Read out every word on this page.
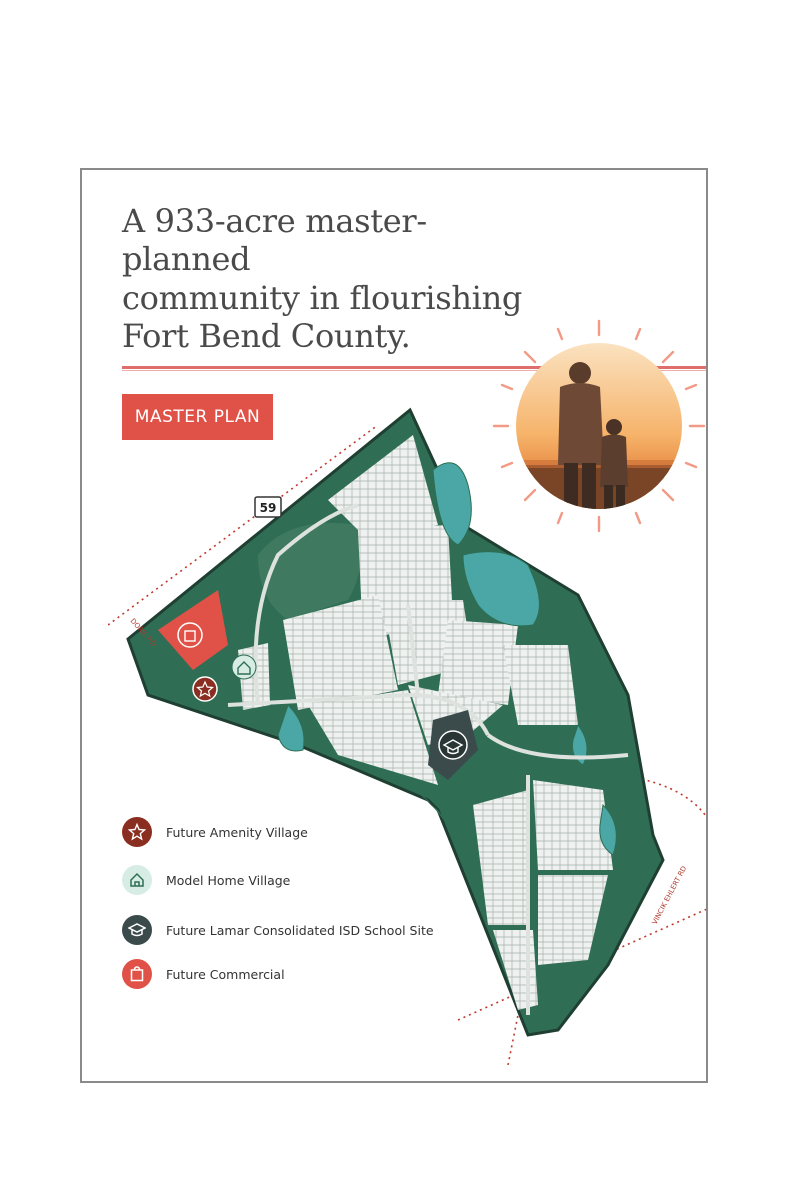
A 933-acre master-planned
community in flourishing
Fort Bend County.
MASTER PLAN
59
DORIS RD
VINCIK EHLERT RD
Future Amenity Village
Model Home Village
Future Lamar Consolidated ISD School Site
Future Commercial
